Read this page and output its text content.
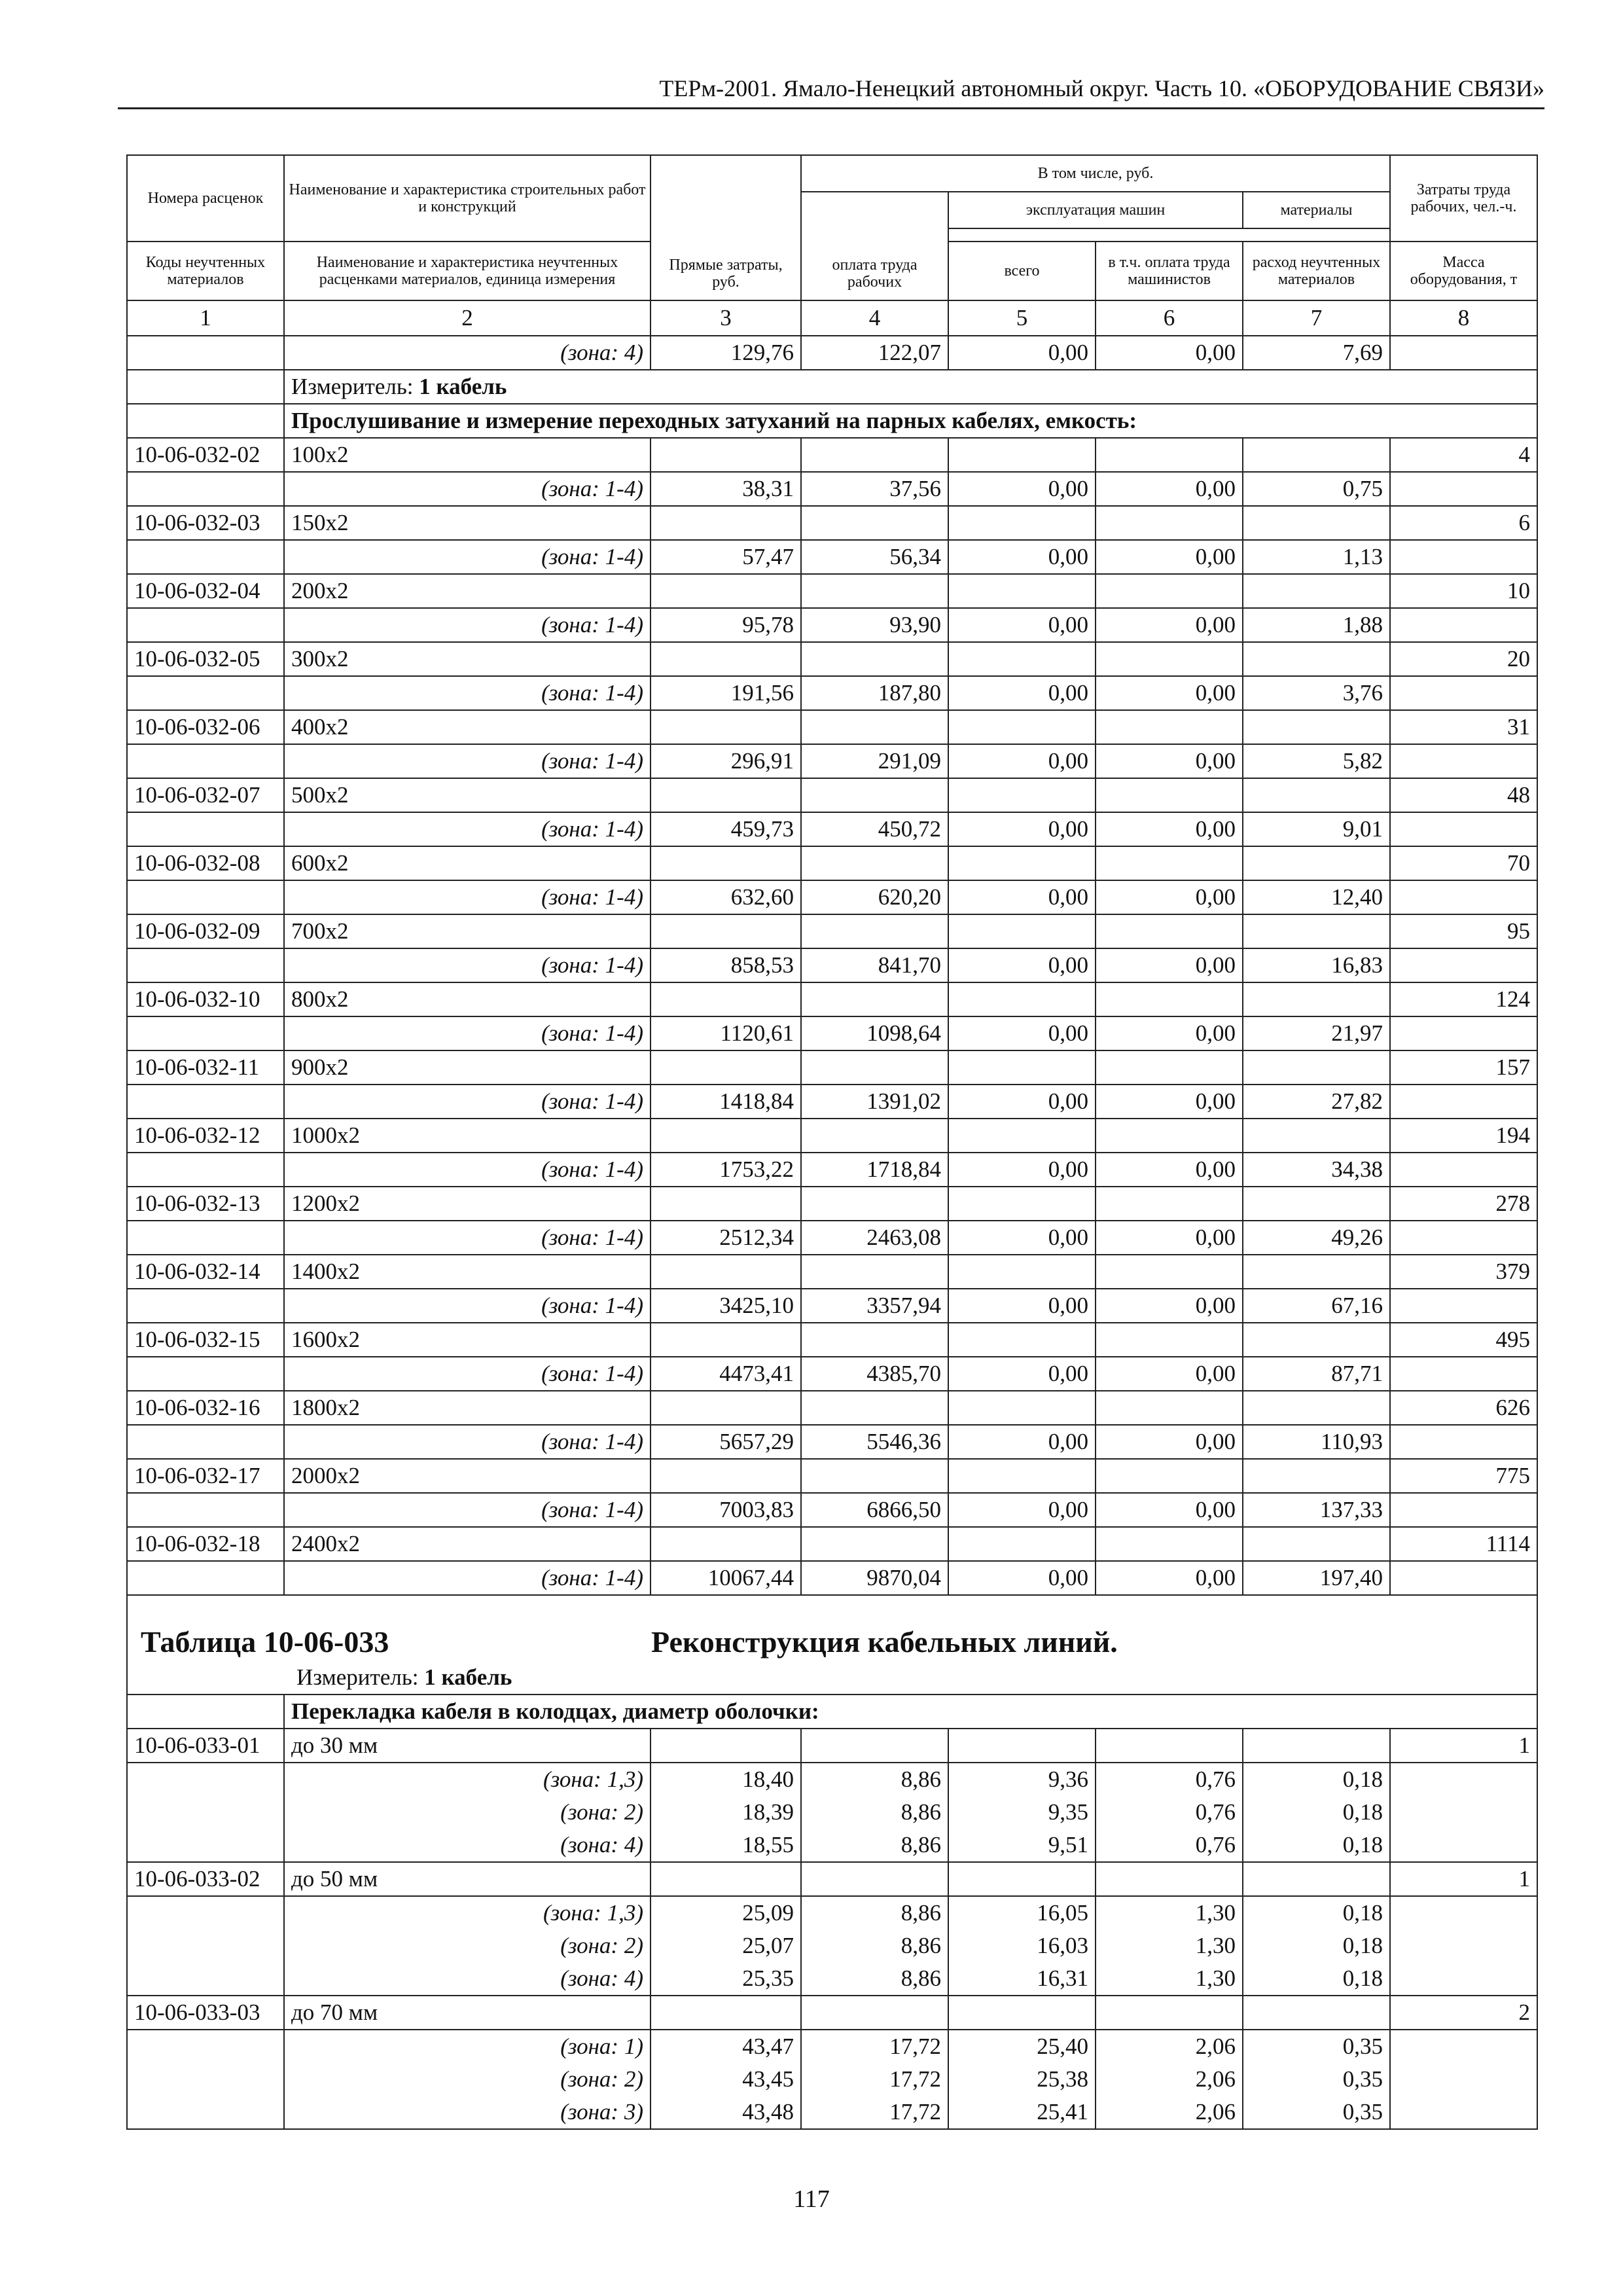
ТЕРм-2001. Ямало-Ненецкий автономный округ. Часть 10. «ОБОРУДОВАНИЕ СВЯЗИ»
Номера расценок	Наименование и характеристика строительных работ и конструкций	Прямые затраты, руб.	В том числе, руб.				Затраты труда рабочих, чел.-ч.
			оплата труда рабочих	эксплуатация машин		материалы	

Коды неучтенных материалов	Наименование и характеристика неучтенных расценками материалов, единица измерения			всего	в т.ч. оплата труда машинистов	расход неучтенных материалов	Масса оборудования, т
1	2	3	4	5	6	7	8
	(зона: 4)	129,76	122,07	0,00	0,00	7,69	
	Измеритель: 1 кабель						
	Прослушивание и измерение переходных затуханий на парных кабелях, емкость:						
10-06-032-02	100х2						4
	(зона: 1-4)	38,31	37,56	0,00	0,00	0,75	
10-06-032-03	150х2						6
	(зона: 1-4)	57,47	56,34	0,00	0,00	1,13	
10-06-032-04	200х2						10
	(зона: 1-4)	95,78	93,90	0,00	0,00	1,88	
10-06-032-05	300х2						20
	(зона: 1-4)	191,56	187,80	0,00	0,00	3,76	
10-06-032-06	400х2						31
	(зона: 1-4)	296,91	291,09	0,00	0,00	5,82	
10-06-032-07	500х2						48
	(зона: 1-4)	459,73	450,72	0,00	0,00	9,01	
10-06-032-08	600х2						70
	(зона: 1-4)	632,60	620,20	0,00	0,00	12,40	
10-06-032-09	700х2						95
	(зона: 1-4)	858,53	841,70	0,00	0,00	16,83	
10-06-032-10	800х2						124
	(зона: 1-4)	1120,61	1098,64	0,00	0,00	21,97	
10-06-032-11	900х2						157
	(зона: 1-4)	1418,84	1391,02	0,00	0,00	27,82	
10-06-032-12	1000х2						194
	(зона: 1-4)	1753,22	1718,84	0,00	0,00	34,38	
10-06-032-13	1200х2						278
	(зона: 1-4)	2512,34	2463,08	0,00	0,00	49,26	
10-06-032-14	1400х2						379
	(зона: 1-4)	3425,10	3357,94	0,00	0,00	67,16	
10-06-032-15	1600х2						495
	(зона: 1-4)	4473,41	4385,70	0,00	0,00	87,71	
10-06-032-16	1800х2						626
	(зона: 1-4)	5657,29	5546,36	0,00	0,00	110,93	
10-06-032-17	2000х2						775
	(зона: 1-4)	7003,83	6866,50	0,00	0,00	137,33	
10-06-032-18	2400х2						1114
	(зона: 1-4)	10067,44	9870,04	0,00	0,00	197,40	
Таблица 10-06-033 Реконструкция кабельных линий.							
Измеритель: 1 кабель							
	Перекладка кабеля в колодцах, диаметр оболочки:						
10-06-033-01	до 30 мм						1
	(зона: 1,3)	18,40	8,86	9,36	0,76	0,18	
	(зона: 2)	18,39	8,86	9,35	0,76	0,18	
	(зона: 4)	18,55	8,86	9,51	0,76	0,18	
10-06-033-02	до 50 мм						1
	(зона: 1,3)	25,09	8,86	16,05	1,30	0,18	
	(зона: 2)	25,07	8,86	16,03	1,30	0,18	
	(зона: 4)	25,35	8,86	16,31	1,30	0,18	
10-06-033-03	до 70 мм						2
	(зона: 1)	43,47	17,72	25,40	2,06	0,35	
	(зона: 2)	43,45	17,72	25,38	2,06	0,35	
	(зона: 3)	43,48	17,72	25,41	2,06	0,35	
117
